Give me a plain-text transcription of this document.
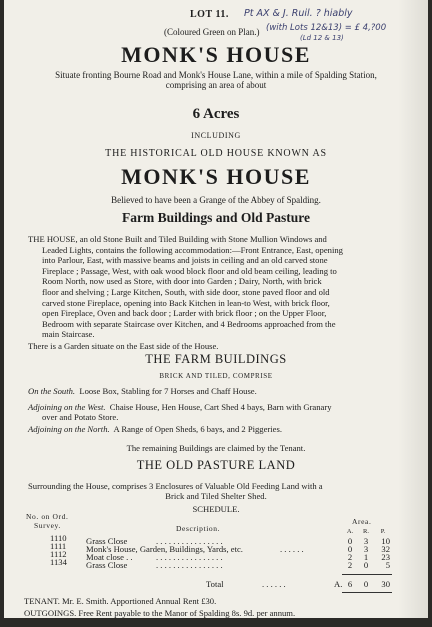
LOT 11. Pt AX & J. Ruil. ? hiably
(with Lots 12&13) = £ 4,?00
(Ld 12 & 13)
(Coloured Green on Plan.)
MONK'S HOUSE
Situate fronting Bourne Road and Monk's House Lane, within a mile of Spalding Station,
comprising an area of about
6 Acres
INCLUDING
THE HISTORICAL OLD HOUSE KNOWN AS
MONK'S HOUSE
Believed to have been a Grange of the Abbey of Spalding.
Farm Buildings and Old Pasture
THE HOUSE, an old Stone Built and Tiled Building with Stone Mullion Windows and

Leaded Lights, contains the following accommodation:—Front Entrance, East, opening
into Parlour, East, with massive beams and joists in ceiling and an old carved stone
Fireplace ; Passage, West, with oak wood block floor and old beam ceiling, leading to
Room North, now used as Store, with door into Garden ; Dairy, North, with brick
floor and shelving ; Large Kitchen, South, with side door, stone paved floor and old
carved stone Fireplace, opening into Back Kitchen in lean-to West, with brick floor,
open Fireplace, Oven and back door ; Larder with brick floor ; on the Upper Floor,
Bedroom with separate Staircase over Kitchen, and 4 Bedrooms approached from the
main Staircase.
There is a Garden situate on the East side of the House.
THE FARM BUILDINGS
BRICK AND TILED, COMPRISE
On the South. Loose Box, Stabling for 7 Horses and Chaff House.
Adjoining on the West. Chaise House, Hen House, Cart Shed 4 bays, Barn with Granary
over and Potato Store.
Adjoining on the North. A Range of Open Sheds, 6 bays, and 2 Piggeries.
The remaining Buildings are claimed by the Tenant.
THE OLD PASTURE LAND
Surrounding the House, comprises 3 Enclosures of Valuable Old Feeding Land with a
Brick and Tiled Shelter Shed.
SCHEDULE.
No. on Ord.
Survey.	Description.
Area.
A.	R.	P.
1110 Grass Close	. . . . . . . . . . . . . . . .	0	3	10
1111 Monk's House, Garden, Buildings, Yards, etc.	. . . . . .	0	3	32
1112 Moat close . .	. . . . . . . . . . . . . . . .	2	1	23
1134 Grass Close	. . . . . . . . . . . . . . . .	2	0	5
Total	. . . . . .	A. 6	0	30
TENANT. Mr. E. Smith. Apportioned Annual Rent £30.
OUTGOINGS. Free Rent payable to the Manor of Spalding 8s. 9d. per annum.
